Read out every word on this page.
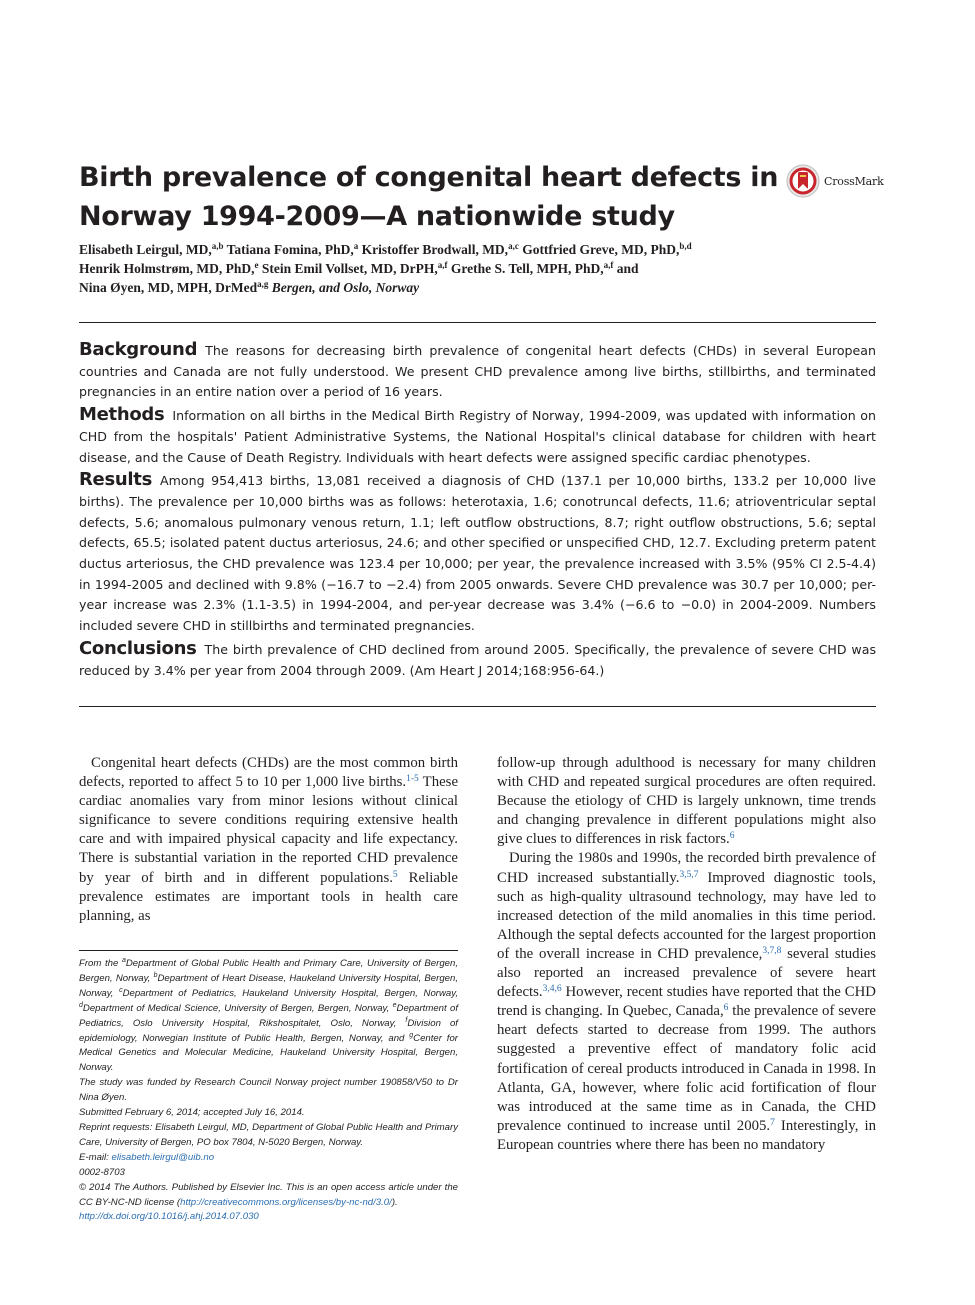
Birth prevalence of congenital heart defects in
Norway 1994-2009—A nationwide study
CrossMark
Elisabeth Leirgul, MD,$^{a,b}$ Tatiana Fomina, PhD,$^a$ Kristoffer Brodwall, MD,$^{a,c}$ Gottfried Greve, MD, PhD,$^{b,d}$
Henrik Holmstrøm, MD, PhD,$^e$ Stein Emil Vollset, MD, DrPH,$^{a,f}$ Grethe S. Tell, MPH, PhD,$^{a,f}$ and
Nina Øyen, MD, MPH, DrMed$^{a,g}$ Bergen, and Oslo, Norway

Background The reasons for decreasing birth prevalence of congenital heart defects (CHDs) in several European countries and Canada are not fully understood. We present CHD prevalence among live births, stillbirths, and terminated pregnancies in an entire nation over a period of 16 years.

Methods Information on all births in the Medical Birth Registry of Norway, 1994-2009, was updated with information on CHD from the hospitals' Patient Administrative Systems, the National Hospital's clinical database for children with heart disease, and the Cause of Death Registry. Individuals with heart defects were assigned specific cardiac phenotypes.

Results Among 954,413 births, 13,081 received a diagnosis of CHD (137.1 per 10,000 births, 133.2 per 10,000 live births). The prevalence per 10,000 births was as follows: heterotaxia, 1.6; conotruncal defects, 11.6; atrioventricular septal defects, 5.6; anomalous pulmonary venous return, 1.1; left outflow obstructions, 8.7; right outflow obstructions, 5.6; septal defects, 65.5; isolated patent ductus arteriosus, 24.6; and other specified or unspecified CHD, 12.7. Excluding preterm patent ductus arteriosus, the CHD prevalence was 123.4 per 10,000; per year, the prevalence increased with 3.5% (95% CI 2.5-4.4) in 1994-2005 and declined with 9.8% (−16.7 to −2.4) from 2005 onwards. Severe CHD prevalence was 30.7 per 10,000; per-year increase was 2.3% (1.1-3.5) in 1994-2004, and per-year decrease was 3.4% (−6.6 to −0.0) in 2004-2009. Numbers included severe CHD in stillbirths and terminated pregnancies.

Conclusions The birth prevalence of CHD declined from around 2005. Specifically, the prevalence of severe CHD was reduced by 3.4% per year from 2004 through 2009. (Am Heart J 2014;168:956-64.)

Congenital heart defects (CHDs) are the most common birth defects, reported to affect 5 to 10 per 1,000 live births.$^{1-5}$ These cardiac anomalies vary from minor lesions without clinical significance to severe conditions requiring extensive health care and with impaired physical capacity and life expectancy. There is substantial variation in the reported CHD prevalence by year of birth and in different populations.$^5$ Reliable prevalence estimates are important tools in health care planning, as

From the $^a$Department of Global Public Health and Primary Care, University of Bergen, Bergen, Norway, $^b$Department of Heart Disease, Haukeland University Hospital, Bergen, Norway, $^c$Department of Pediatrics, Haukeland University Hospital, Bergen, Norway, $^d$Department of Medical Science, University of Bergen, Bergen, Norway, $^e$Department of Pediatrics, Oslo University Hospital, Rikshospitalet, Oslo, Norway, $^f$Division of epidemiology, Norwegian Institute of Public Health, Bergen, Norway, and $^g$Center for Medical Genetics and Molecular Medicine, Haukeland University Hospital, Bergen, Norway.

The study was funded by Research Council Norway project number 190858/V50 to Dr Nina Øyen.

Submitted February 6, 2014; accepted July 16, 2014.

Reprint requests: Elisabeth Leirgul, MD, Department of Global Public Health and Primary Care, University of Bergen, PO box 7804, N-5020 Bergen, Norway.

E-mail: elisabeth.leirgul@uib.no

0002-8703

© 2014 The Authors. Published by Elsevier Inc. This is an open access article under the CC BY-NC-ND license (http://creativecommons.org/licenses/by-nc-nd/3.0/).

http://dx.doi.org/10.1016/j.ahj.2014.07.030

follow-up through adulthood is necessary for many children with CHD and repeated surgical procedures are often required. Because the etiology of CHD is largely unknown, time trends and changing prevalence in different populations might also give clues to differences in risk factors.$^6$

During the 1980s and 1990s, the recorded birth prevalence of CHD increased substantially.$^{3,5,7}$ Improved diagnostic tools, such as high-quality ultrasound technology, may have led to increased detection of the mild anomalies in this time period. Although the septal defects accounted for the largest proportion of the overall increase in CHD prevalence,$^{3,7,8}$ several studies also reported an increased prevalence of severe heart defects.$^{3,4,6}$ However, recent studies have reported that the CHD trend is changing. In Quebec, Canada,$^6$ the prevalence of severe heart defects started to decrease from 1999. The authors suggested a preventive effect of mandatory folic acid fortification of cereal products introduced in Canada in 1998. In Atlanta, GA, however, where folic acid fortification of flour was introduced at the same time as in Canada, the CHD prevalence continued to increase until 2005.$^7$ Interestingly, in European countries where there has been no mandatory
